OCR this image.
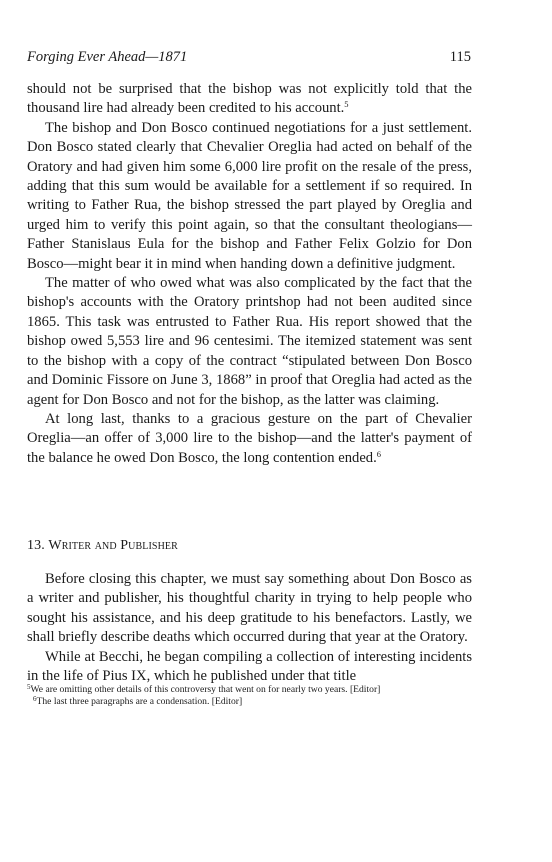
Forging Ever Ahead—1871	115

should not be surprised that the bishop was not explicitly told that the thousand lire had already been credited to his account.$^5$

The bishop and Don Bosco continued negotiations for a just settlement. Don Bosco stated clearly that Chevalier Oreglia had acted on behalf of the Oratory and had given him some 6,000 lire profit on the resale of the press, adding that this sum would be available for a settlement if so required. In writing to Father Rua, the bishop stressed the part played by Oreglia and urged him to verify this point again, so that the consultant theologians—Father Stanislaus Eula for the bishop and Father Felix Golzio for Don Bosco—might bear it in mind when handing down a definitive judgment.

The matter of who owed what was also complicated by the fact that the bishop's accounts with the Oratory printshop had not been audited since 1865. This task was entrusted to Father Rua. His report showed that the bishop owed 5,553 lire and 96 centesimi. The itemized statement was sent to the bishop with a copy of the contract “stipulated between Don Bosco and Dominic Fissore on June 3, 1868” in proof that Oreglia had acted as the agent for Don Bosco and not for the bishop, as the latter was claiming.

At long last, thanks to a gracious gesture on the part of Chevalier Oreglia—an offer of 3,000 lire to the bishop—and the latter's payment of the balance he owed Don Bosco, the long contention ended.$^6$

13. Writer and Publisher

Before closing this chapter, we must say something about Don Bosco as a writer and publisher, his thoughtful charity in trying to help people who sought his assistance, and his deep gratitude to his benefactors. Lastly, we shall briefly describe deaths which occurred during that year at the Oratory.

While at Becchi, he began compiling a collection of interesting incidents in the life of Pius IX, which he published under that title

$^5$We are omitting other details of this controversy that went on for nearly two years. [Editor]

$^6$The last three paragraphs are a condensation. [Editor]
